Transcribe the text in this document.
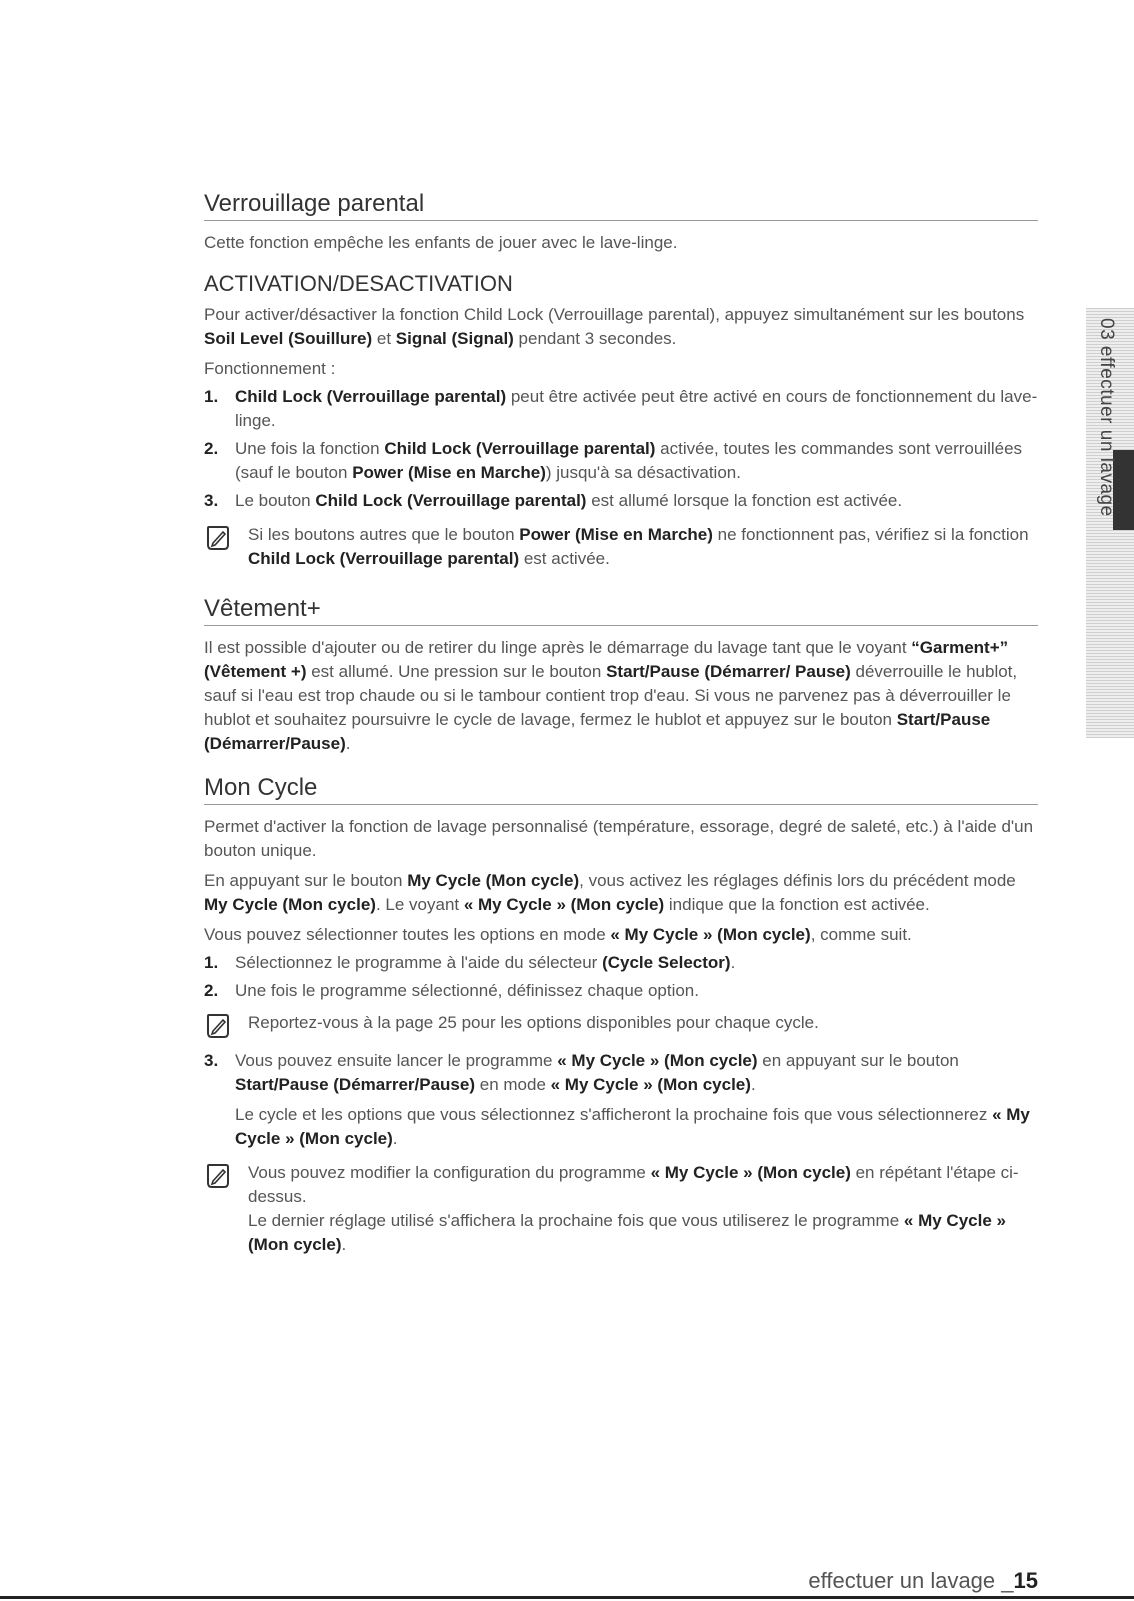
03 effectuer un lavage
Verrouillage parental

Cette fonction empêche les enfants de jouer avec le lave-linge.

ACTIVATION/DESACTIVATION

Pour activer/désactiver la fonction Child Lock (Verrouillage parental), appuyez simultanément sur les boutons Soil Level (Souillure) et Signal (Signal) pendant 3 secondes.

Fonctionnement :

1. Child Lock (Verrouillage parental) peut être activée peut être activé en cours de fonctionnement du lave-linge.
2. Une fois la fonction Child Lock (Verrouillage parental) activée, toutes les commandes sont verrouillées (sauf le bouton Power (Mise en Marche)) jusqu'à sa désactivation.
3. Le bouton Child Lock (Verrouillage parental) est allumé lorsque la fonction est activée.
Si les boutons autres que le bouton Power (Mise en Marche) ne fonctionnent pas, vérifiez si la fonction Child Lock (Verrouillage parental) est activée.
Vêtement+

Il est possible d'ajouter ou de retirer du linge après le démarrage du lavage tant que le voyant “Garment+” (Vêtement +) est allumé. Une pression sur le bouton Start/Pause (Démarrer/ Pause) déverrouille le hublot, sauf si l'eau est trop chaude ou si le tambour contient trop d'eau. Si vous ne parvenez pas à déverrouiller le hublot et souhaitez poursuivre le cycle de lavage, fermez le hublot et appuyez sur le bouton Start/Pause (Démarrer/Pause).

Mon Cycle

Permet d'activer la fonction de lavage personnalisé (température, essorage, degré de saleté, etc.) à l'aide d'un bouton unique.

En appuyant sur le bouton My Cycle (Mon cycle), vous activez les réglages définis lors du précédent mode My Cycle (Mon cycle). Le voyant « My Cycle » (Mon cycle) indique que la fonction est activée.

Vous pouvez sélectionner toutes les options en mode « My Cycle » (Mon cycle), comme suit.

1. Sélectionnez le programme à l'aide du sélecteur (Cycle Selector).
2. Une fois le programme sélectionné, définissez chaque option.
Reportez-vous à la page 25 pour les options disponibles pour chaque cycle.
3. Vous pouvez ensuite lancer le programme « My Cycle » (Mon cycle) en appuyant sur le bouton Start/Pause (Démarrer/Pause) en mode « My Cycle » (Mon cycle).

Le cycle et les options que vous sélectionnez s'afficheront la prochaine fois que vous sélectionnerez « My Cycle » (Mon cycle).

Vous pouvez modifier la configuration du programme « My Cycle » (Mon cycle) en répétant l'étape ci-dessus.
Le dernier réglage utilisé s'affichera la prochaine fois que vous utiliserez le programme « My Cycle » (Mon cycle).
effectuer un lavage _15
